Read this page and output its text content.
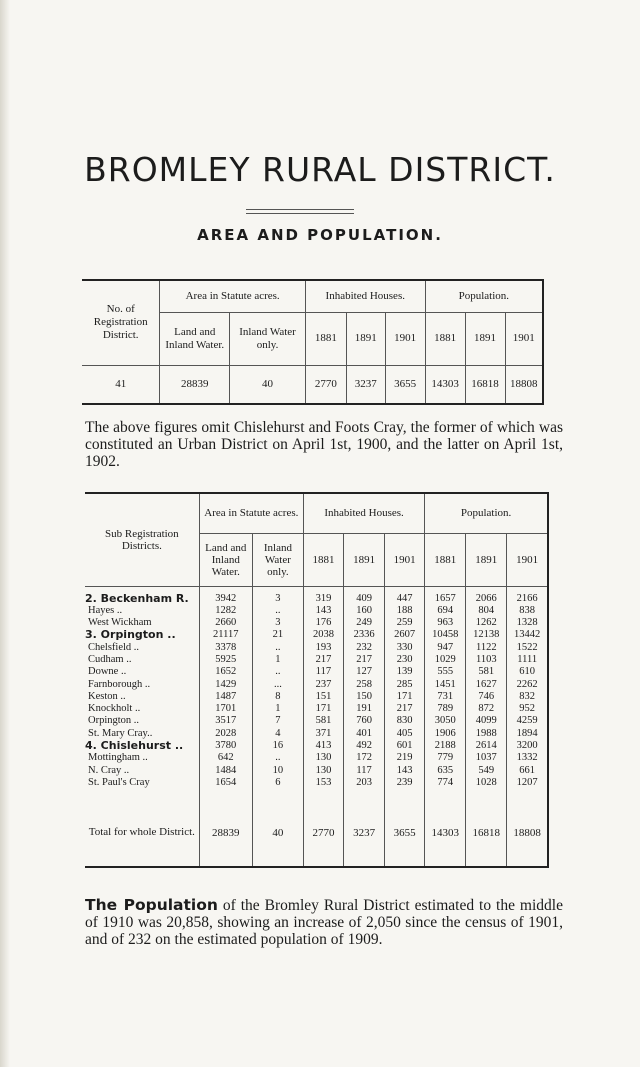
BROMLEY RURAL DISTRICT.
AREA AND POPULATION.
No. of Registration District.	Area in Statute acres.		Inhabited Houses.			Population.		
	Land and Inland Water.	Inland Water only.	1881	1891	1901	1881	1891	1901
41	28839	40	2770	3237	3655	14303	16818	18808

The above figures omit Chislehurst and Foots Cray, the former of which was constituted an Urban District on April 1st, 1900, and the latter on April 1st, 1902.

Sub Registration Districts.	Area in Statute acres.		Inhabited Houses.			Population.		
	Land and Inland Water.	Inland Water only.	1881	1891	1901	1881	1891	1901

2. Beckenham R.	3942	3	319	409	447	1657	2066	2166
Hayes ..	1282	..	143	160	188	694	804	838
West Wickham	2660	3	176	249	259	963	1262	1328
3. Orpington ..	21117	21	2038	2336	2607	10458	12138	13442
Chelsfield ..	3378	..	193	232	330	947	1122	1522
Cudham ..	5925	1	217	217	230	1029	1103	1111
Downe ..	1652	..	117	127	139	555	581	610
Farnborough ..	1429	...	237	258	285	1451	1627	2262
Keston ..	1487	8	151	150	171	731	746	832
Knockholt ..	1701	1	171	191	217	789	872	952
Orpington ..	3517	7	581	760	830	3050	4099	4259
St. Mary Cray..	2028	4	371	401	405	1906	1988	1894
4. Chislehurst ..	3780	16	413	492	601	2188	2614	3200
Mottingham ..	642	..	130	172	219	779	1037	1332
N. Cray ..	1484	10	130	117	143	635	549	661
St. Paul's Cray	1654	6	153	203	239	774	1028	1207
Total for whole District.	28839	40	2770	3237	3655	14303	16818	18808

The Population of the Bromley Rural District estimated to the middle of 1910 was 20,858, showing an increase of 2,050 since the census of 1901, and of 232 on the estimated population of 1909.
